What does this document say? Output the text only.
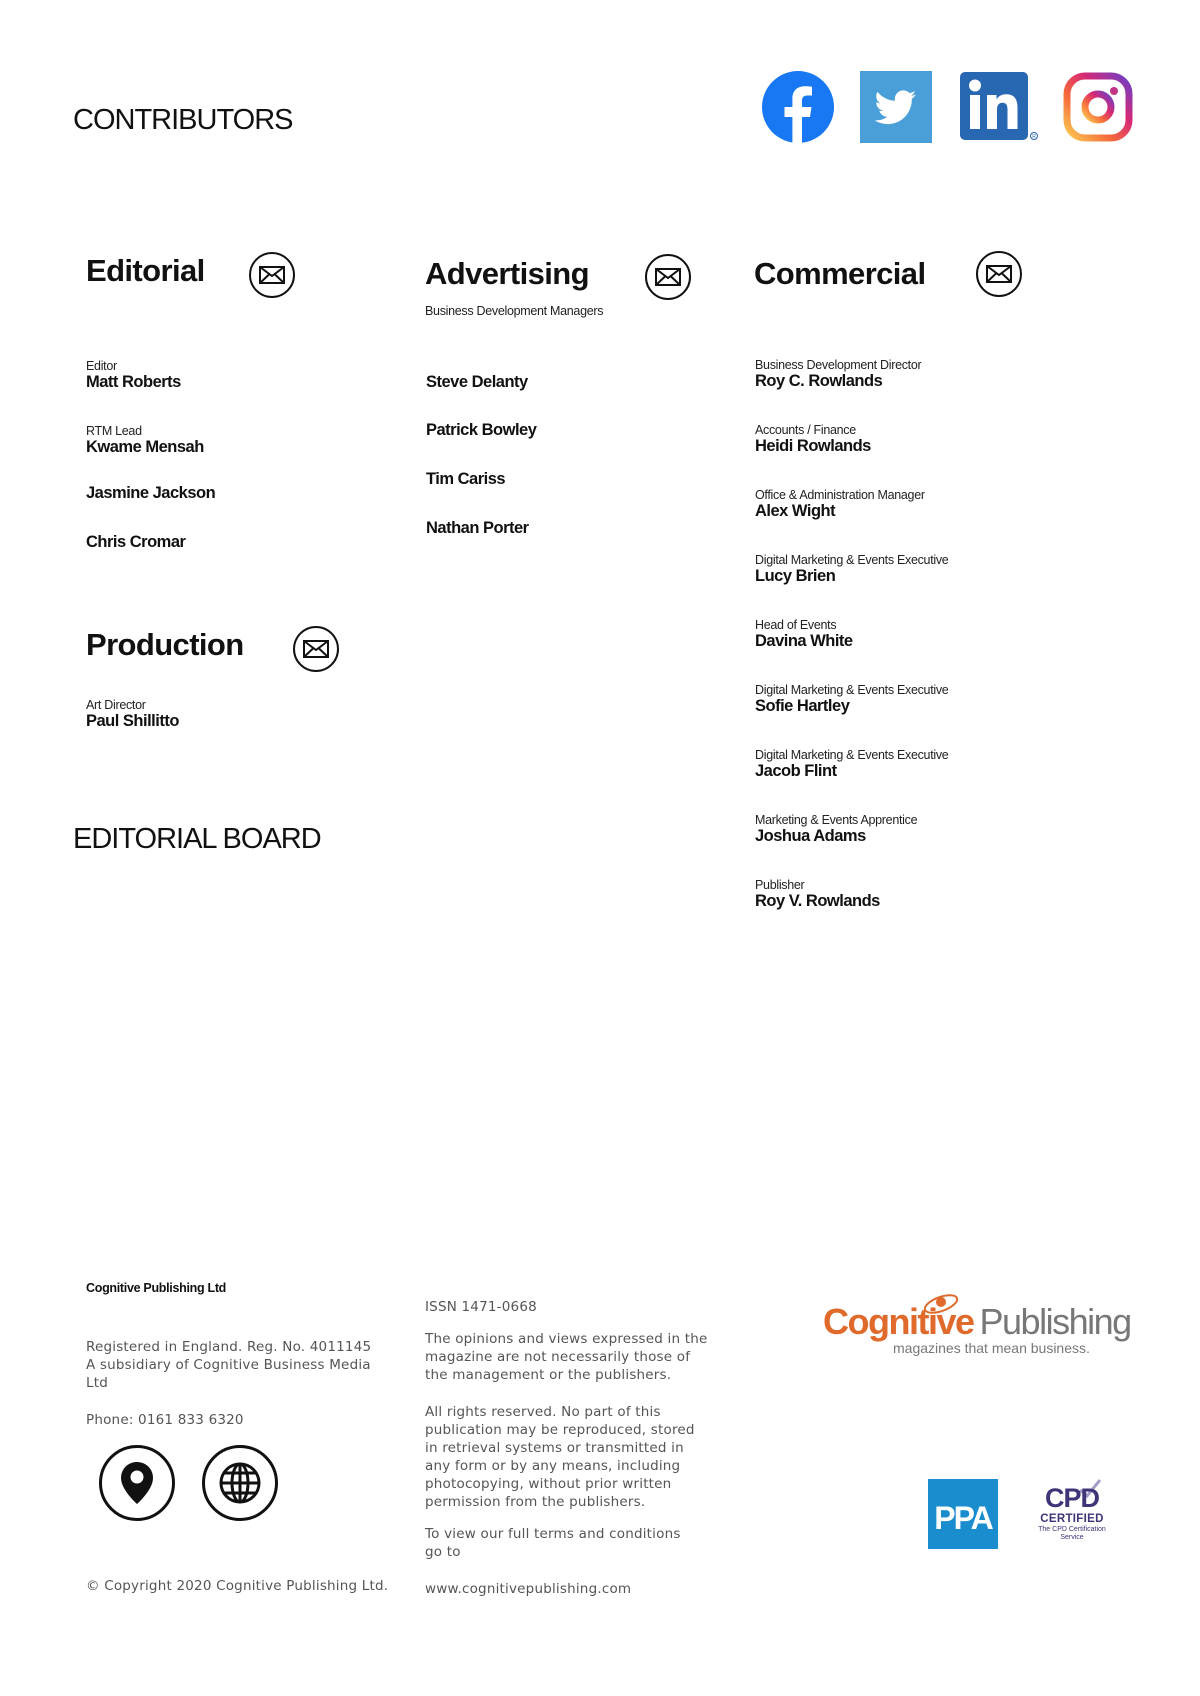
CONTRIBUTORS
EDITORIAL BOARD
R
Editorial
Editor
Matt Roberts
RTM Lead
Kwame Mensah
Jasmine Jackson
Chris Cromar
Production
Art Director
Paul Shillitto
Advertising
Business Development Managers
Steve Delanty
Patrick Bowley
Tim Cariss
Nathan Porter
Commercial
Business Development Director
Roy C. Rowlands
Accounts / Finance
Heidi Rowlands
Office & Administration Manager
Alex Wight
Digital Marketing & Events Executive
Lucy Brien
Head of Events
Davina White
Digital Marketing & Events Executive
Sofie Hartley
Digital Marketing & Events Executive
Jacob Flint
Marketing & Events Apprentice
Joshua Adams
Publisher
Roy V. Rowlands
Cognitive Publishing Ltd
Registered in England. Reg. No. 4011145
A subsidiary of Cognitive Business Media
Ltd
Phone: 0161 833 6320
© Copyright 2020 Cognitive Publishing Ltd.
ISSN 1471-0668
The opinions and views expressed in the
magazine are not necessarily those of
the management or the publishers.
All rights reserved. No part of this
publication may be reproduced, stored
in retrieval systems or transmitted in
any form or by any means, including
photocopying, without prior written
permission from the publishers.
To view our full terms and conditions
go to
www.cognitivepublishing.com
Cognitive Publishing
magazines that mean business.
PPA
CPD
CERTIFIED
The CPD Certification
Service
